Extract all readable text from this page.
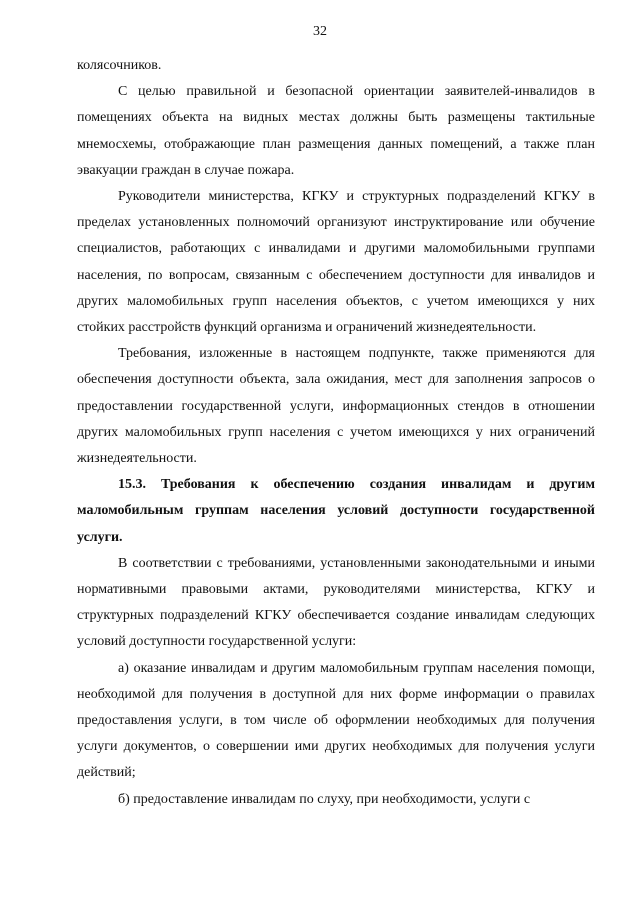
32

колясочников.

С целью правильной и безопасной ориентации заявителей-инвалидов в помещениях объекта на видных местах должны быть размещены тактильные мнемосхемы, отображающие план размещения данных помещений, а также план эвакуации граждан в случае пожара.

Руководители министерства, КГКУ и структурных подразделений КГКУ в пределах установленных полномочий организуют инструктирование или обучение специалистов, работающих с инвалидами и другими маломобильными группами населения, по вопросам, связанным с обеспечением доступности для инвалидов и других маломобильных групп населения объектов, с учетом имеющихся у них стойких расстройств функций организма и ограничений жизнедеятельности.

Требования, изложенные в настоящем подпункте, также применяются для обеспечения доступности объекта, зала ожидания, мест для заполнения запросов о предоставлении государственной услуги, информационных стендов в отношении других маломобильных групп населения с учетом имеющихся у них ограничений жизнедеятельности.

15.3. Требования к обеспечению создания инвалидам и другим маломобильным группам населения условий доступности государственной услуги.

В соответствии с требованиями, установленными законодательными и иными нормативными правовыми актами, руководителями министерства, КГКУ и структурных подразделений КГКУ обеспечивается создание инвалидам следующих условий доступности государственной услуги:

а) оказание инвалидам и другим маломобильным группам населения помощи, необходимой для получения в доступной для них форме информации о правилах предоставления услуги, в том числе об оформлении необходимых для получения услуги документов, о совершении ими других необходимых для получения услуги действий;

б) предоставление инвалидам по слуху, при необходимости, услуги с
